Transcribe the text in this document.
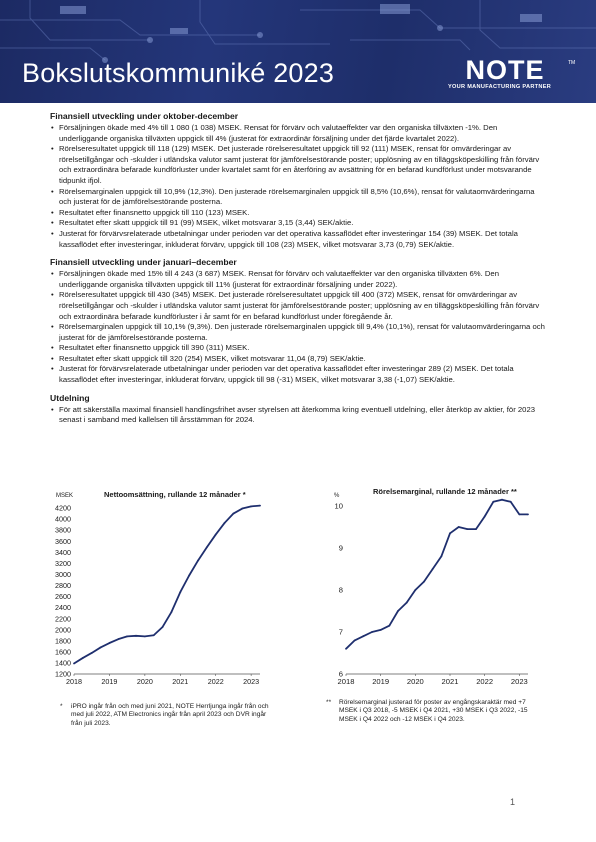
Bokslutskommuniké 2023	NOTE	TM
YOUR MANUFACTURING PARTNER
Finansiell utveckling under oktober-december
• Försäljningen ökade med 4% till 1 080 (1 038) MSEK. Rensat för förvärv och valutaeffekter var den organiska tillväxten -1%. Den underliggande organiska tillväxten uppgick till 4% (justerat för extraordinär försäljning under det fjärde kvartalet 2022).
• Rörelseresultatet uppgick till 118 (129) MSEK. Det justerade rörelseresultatet uppgick till 92 (111) MSEK, rensat för omvärderingar av rörelsetillgångar och -skulder i utländska valutor samt justerat för jämförelsestörande poster; upplösning av en tilläggsköpeskilling från förvärv och extraordinära befarade kundförluster under kvartalet samt för en återföring av avsättning för en befarad kundförlust under motsvarande tidpunkt ifjol.
• Rörelsemarginalen uppgick till 10,9% (12,3%). Den justerade rörelsemarginalen uppgick till 8,5% (10,6%), rensat för valutaomvärderingarna och justerat för de jämförelsestörande posterna.
• Resultatet efter finansnetto uppgick till 110 (123) MSEK.
• Resultatet efter skatt uppgick till 91 (99) MSEK, vilket motsvarar 3,15 (3,44) SEK/aktie.
• Justerat för förvärvsrelaterade utbetalningar under perioden var det operativa kassaflödet efter investeringar 154 (39) MSEK. Det totala kassaflödet efter investeringar, inkluderat förvärv, uppgick till 108 (23) MSEK, vilket motsvarar 3,73 (0,79) SEK/aktie.
Finansiell utveckling under januari–december
• Försäljningen ökade med 15% till 4 243 (3 687) MSEK. Rensat för förvärv och valutaeffekter var den organiska tillväxten 6%. Den underliggande organiska tillväxten uppgick till 11% (justerat för extraordinär försäljning under 2022).
• Rörelseresultatet uppgick till 430 (345) MSEK. Det justerade rörelseresultatet uppgick till 400 (372) MSEK, rensat för omvärderingar av rörelsetillgångar och -skulder i utländska valutor samt justerat för jämförelsestörande poster; upplösning av en tilläggsköpeskilling från förvärv och extraordinära befarade kundförluster i år samt för en befarad kundförlust under föregående år.
• Rörelsemarginalen uppgick till 10,1% (9,3%). Den justerade rörelsemarginalen uppgick till 9,4% (10,1%), rensat för valutaomvärderingarna och justerat för de jämförelsestörande posterna.
• Resultatet efter finansnetto uppgick till 390 (311) MSEK.
• Resultatet efter skatt uppgick till 320 (254) MSEK, vilket motsvarar 11,04 (8,79) SEK/aktie.
• Justerat för förvärvsrelaterade utbetalningar under perioden var det operativa kassaflödet efter investeringar 289 (2) MSEK. Det totala kassaflödet efter investeringar, inkluderat förvärv, uppgick till 98 (-31) MSEK, vilket motsvarar 3,38 (-1,07) SEK/aktie.
Utdelning
• För att säkerställa maximal finansiell handlingsfrihet avser styrelsen att återkomma kring eventuell utdelning, eller återköp av aktier, för 2023 senast i samband med kallelsen till årsstämman för 2024.
MSEK	Nettoomsättning, rullande 12 månader *
1200
1400
1600
1800
2000
2200
2400
2600
2800
3000
3200
3400
3600
3800
4000
4200
2018	2019	2020	2021	2022	2023
%	Rörelsemarginal, rullande 12 månader **
6
7
8
9
10
2018 2019 2020 2021 2022 2023
* iPRO ingår från och med juni 2021, NOTE Herrljunga ingår från och med juli 2022, ATM Electronics ingår från april 2023 och DVR ingår från juli 2023.
** Rörelsemarginal justerad för poster av engångskaraktär med +7 MSEK i Q3 2018, -5 MSEK i Q4 2021, +30 MSEK i Q3 2022, -15 MSEK i Q4 2022 och -12 MSEK i Q4 2023.
1
